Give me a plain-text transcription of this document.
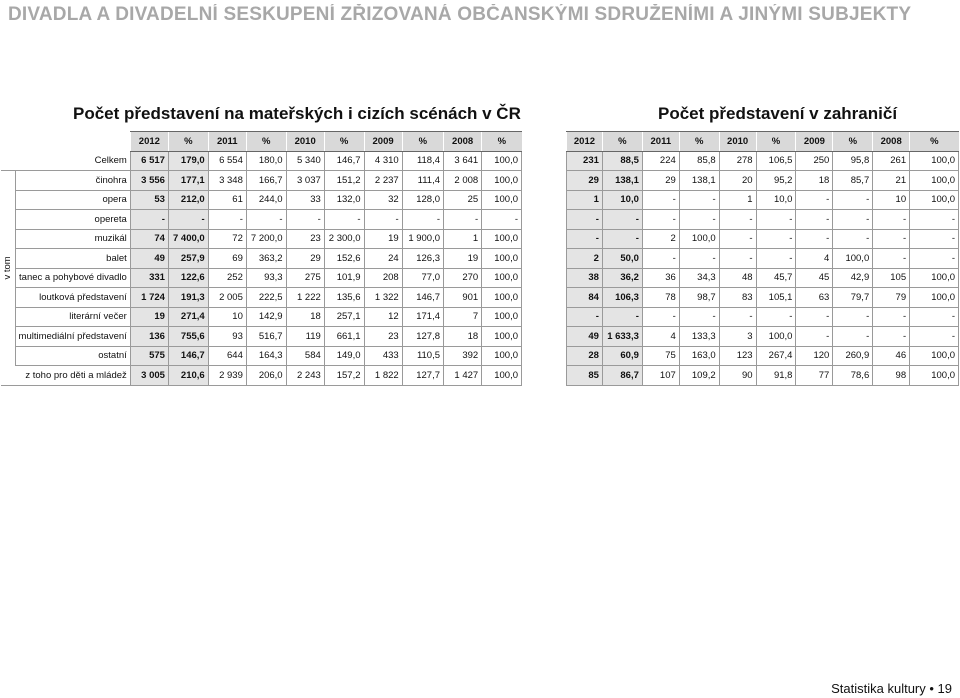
DIVADLA A DIVADELNÍ SESKUPENÍ ZŘIZOVANÁ OBČANSKÝMI SDRUŽENÍMI A JINÝMI SUBJEKTY
Počet představení na mateřských i cizích scénách v ČR	Počet představení v zahraničí
		2012	%	2011	%	2010	%	2009	%	2008	%
Celkem		6 517	179,0	6 554	180,0	5 340	146,7	4 310	118,4	3 641	100,0

v tom	činohra	3 556	177,1	3 348	166,7	3 037	151,2	2 237	111,4	2 008	100,0
	opera	53	212,0	61	244,0	33	132,0	32	128,0	25	100,0
	opereta	-	-	-	-	-	-	-	-	-	-
	muzikál	74	7 400,0	72	7 200,0	23	2 300,0	19	1 900,0	1	100,0
	balet	49	257,9	69	363,2	29	152,6	24	126,3	19	100,0
	tanec a pohybové divadlo	331	122,6	252	93,3	275	101,9	208	77,0	270	100,0
	loutková představení	1 724	191,3	2 005	222,5	1 222	135,6	1 322	146,7	901	100,0
	literární večer	19	271,4	10	142,9	18	257,1	12	171,4	7	100,0
	multimediální představení	136	755,6	93	516,7	119	661,1	23	127,8	18	100,0
	ostatní	575	146,7	644	164,3	584	149,0	433	110,5	392	100,0
z toho pro děti a mládež		3 005	210,6	2 939	206,0	2 243	157,2	1 822	127,7	1 427	100,0
2012	%	2011	%	2010	%	2009	%	2008	%
231	88,5	224	85,8	278	106,5	250	95,8	261	100,0
29	138,1	29	138,1	20	95,2	18	85,7	21	100,0
1	10,0	-	-	1	10,0	-	-	10	100,0
-	-	-	-	-	-	-	-	-	-
-	-	2	100,0	-	-	-	-	-	-
2	50,0	-	-	-	-	4	100,0	-	-
38	36,2	36	34,3	48	45,7	45	42,9	105	100,0
84	106,3	78	98,7	83	105,1	63	79,7	79	100,0
-	-	-	-	-	-	-	-	-	-
49	1 633,3	4	133,3	3	100,0	-	-	-	-
28	60,9	75	163,0	123	267,4	120	260,9	46	100,0
85	86,7	107	109,2	90	91,8	77	78,6	98	100,0
Statistika kultury • 19
